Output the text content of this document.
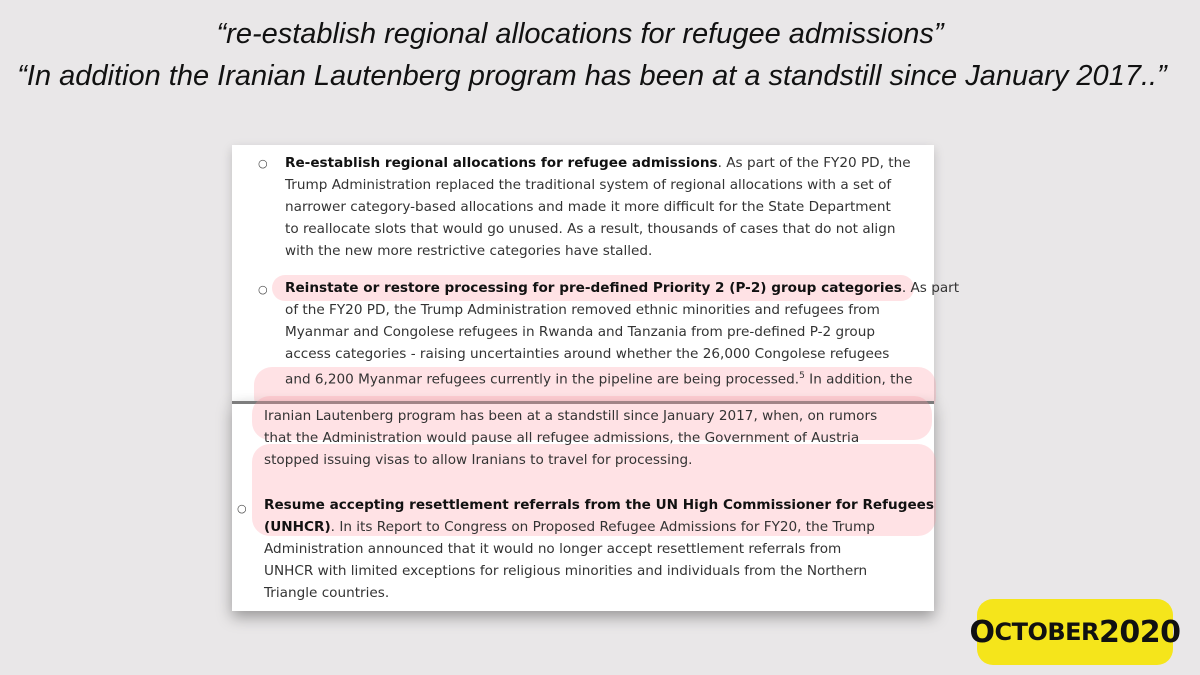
“re-establish regional allocations for refugee admissions”
“In addition the Iranian Lautenberg program has been at a standstill since January 2017..”
○ Re-establish regional allocations for refugee admissions. As part of the FY20 PD, the
Trump Administration replaced the traditional system of regional allocations with a set of
narrower category-based allocations and made it more difficult for the State Department
to reallocate slots that would go unused. As a result, thousands of cases that do not align
with the new more restrictive categories have stalled.
○ Reinstate or restore processing for pre-defined Priority 2 (P-2) group categories. As part
of the FY20 PD, the Trump Administration removed ethnic minorities and refugees from
Myanmar and Congolese refugees in Rwanda and Tanzania from pre-defined P-2 group
access categories - raising uncertainties around whether the 26,000 Congolese refugees
and 6,200 Myanmar refugees currently in the pipeline are being processed.$^5$ In addition, the
Iranian Lautenberg program has been at a standstill since January 2017, when, on rumors
that the Administration would pause all refugee admissions, the Government of Austria
stopped issuing visas to allow Iranians to travel for processing.
○ Resume accepting resettlement referrals from the UN High Commissioner for Refugees
(UNHCR). In its Report to Congress on Proposed Refugee Admissions for FY20, the Trump
Administration announced that it would no longer accept resettlement referrals from
UNHCR with limited exceptions for religious minorities and individuals from the Northern
Triangle countries.
O CTOBER 2020
